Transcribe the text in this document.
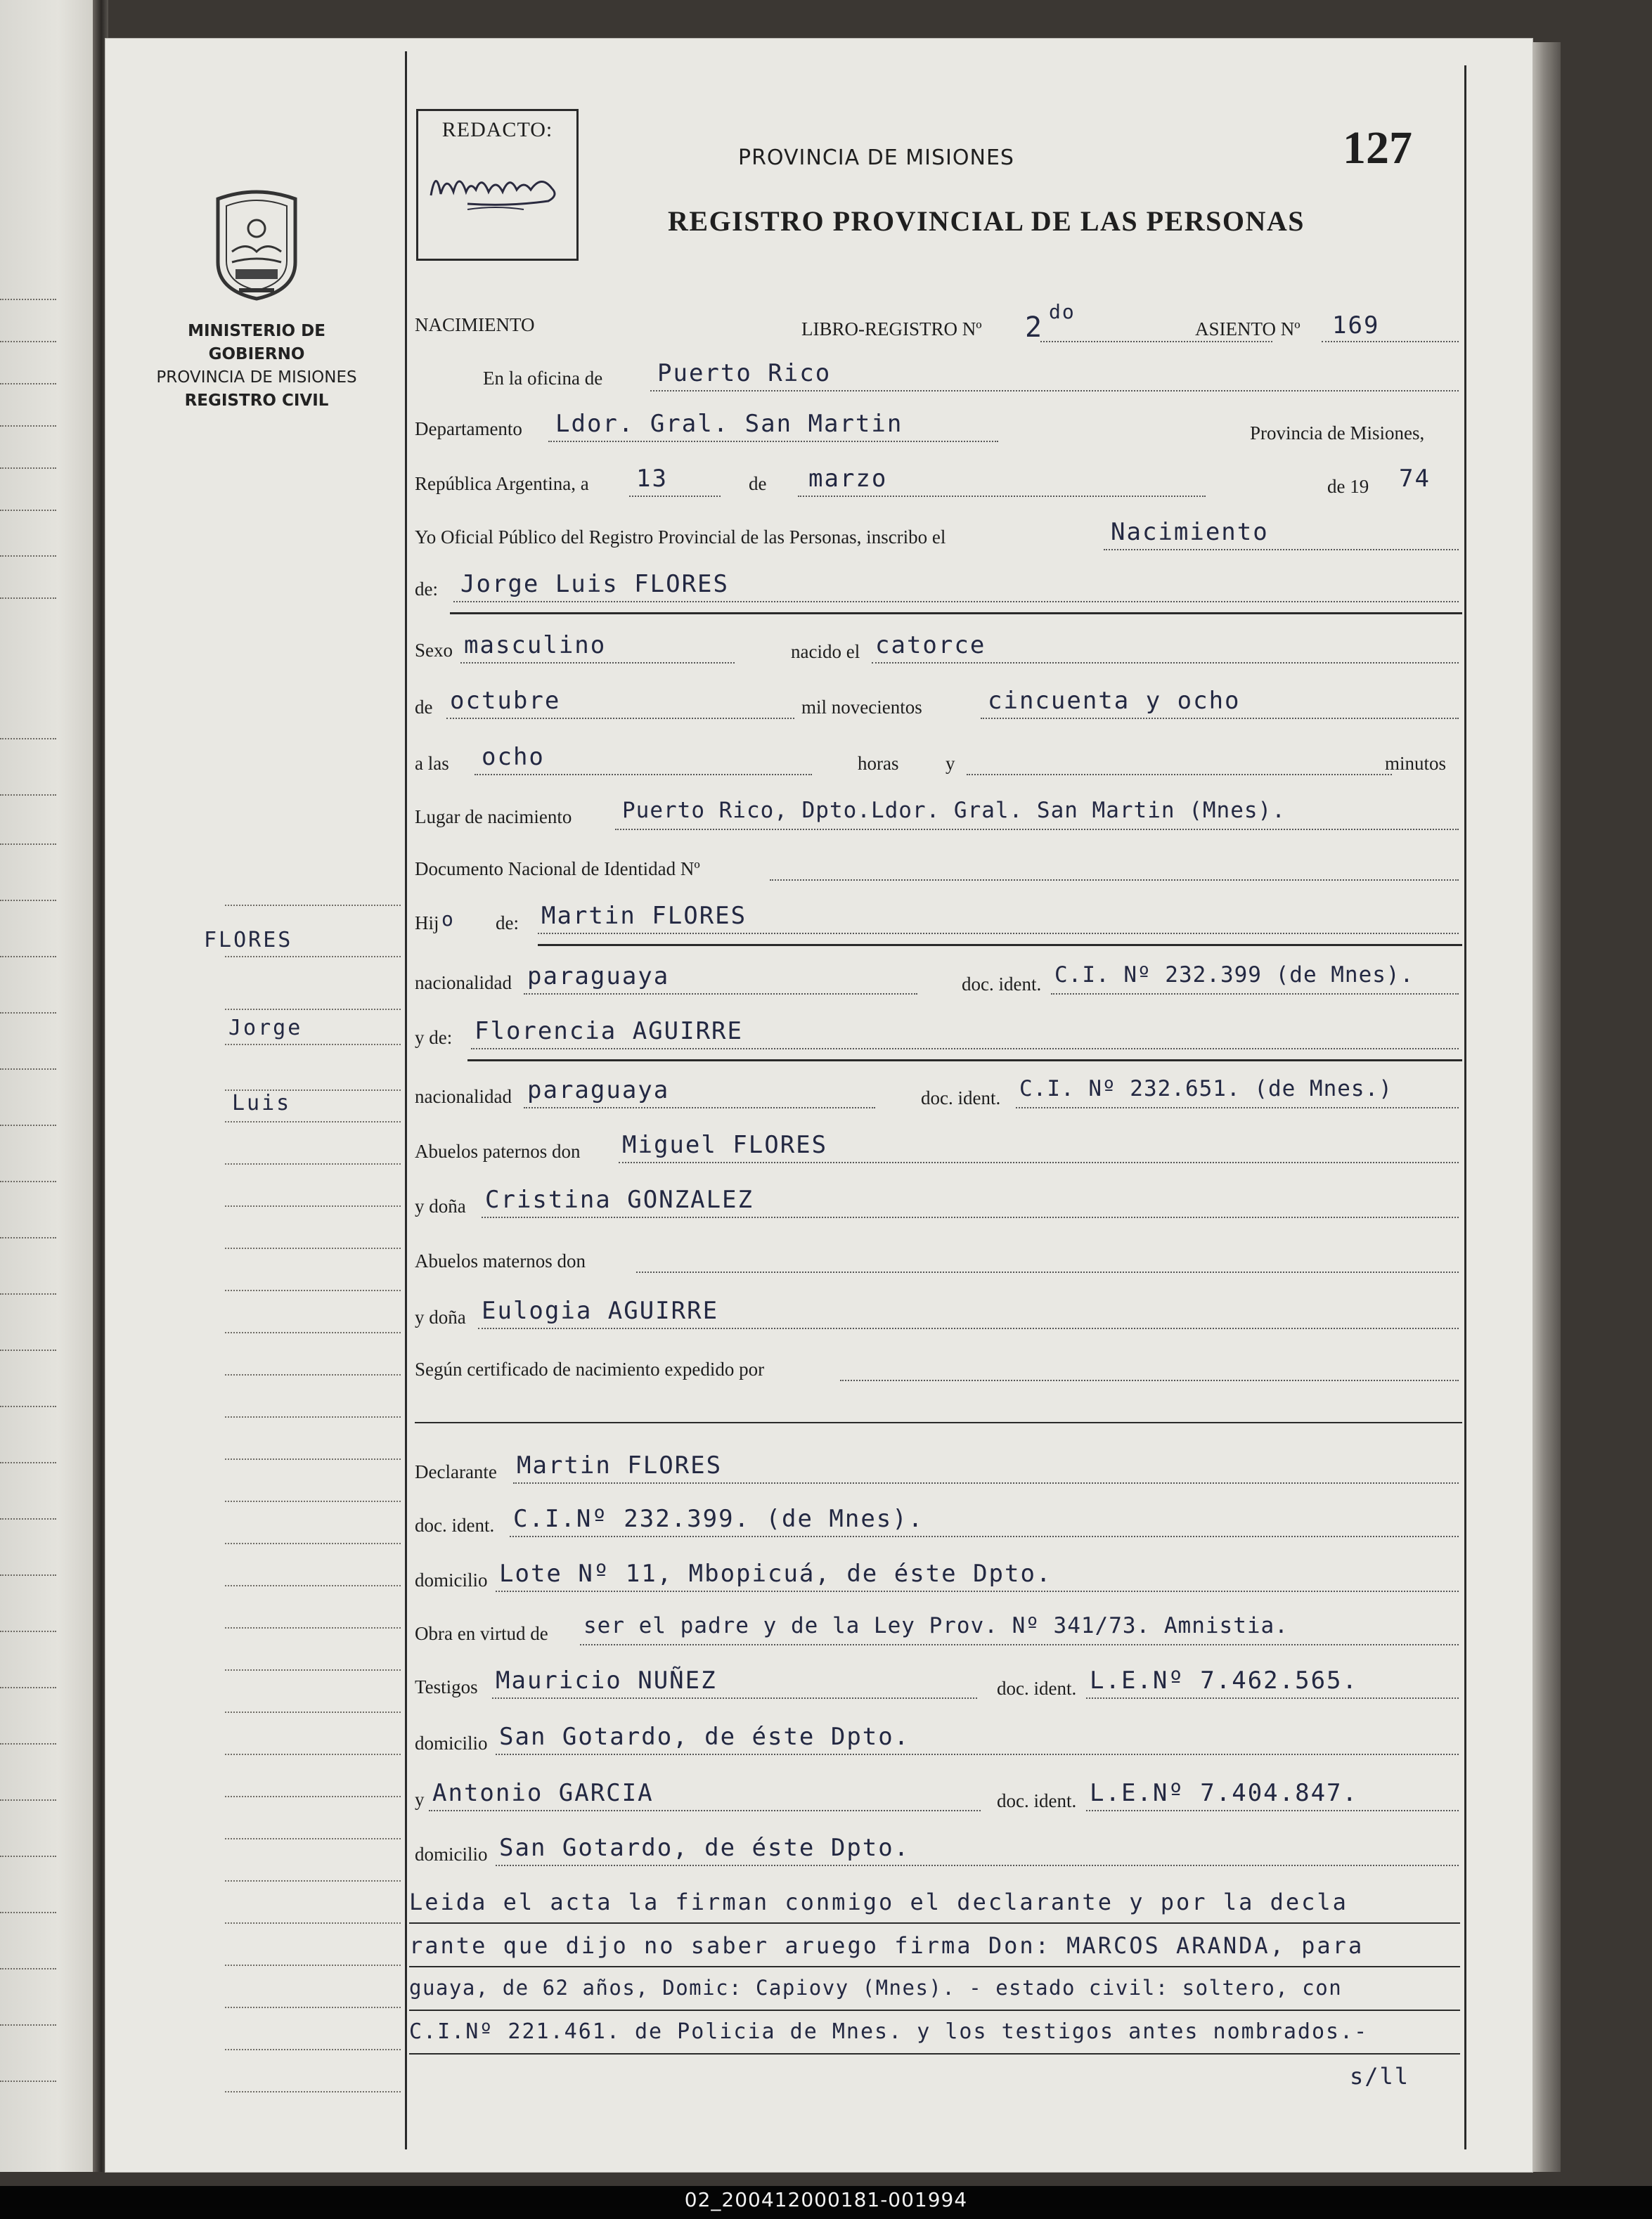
MINISTERIO DE GOBIERNO
PROVINCIA DE MISIONES
REGISTRO CIVIL
FLORES
Jorge
Luis
REDACTO:
PROVINCIA DE MISIONES
REGISTRO PROVINCIAL DE LAS PERSONAS
127
NACIMIENTO	LIBRO-REGISTRO Nº 2 do
ASIENTO Nº 169
En la oficina de Puerto Rico
Departamento Ldor. Gral. San Martin	Provincia de Misiones,
República Argentina, a 13	de marzo	de 19 74
Yo Oficial Público del Registro Provincial de las Personas, inscribo el	Nacimiento
de: Jorge Luis FLORES
Sexo masculino	nacido el catorce
de octubre	mil novecientos	cincuenta y ocho
a las ocho	horas y	minutos
Lugar de nacimiento Puerto Rico, Dpto.Ldor. Gral. San Martin (Mnes).
Documento Nacional de Identidad Nº
Hij o de: Martin FLORES
nacionalidad paraguaya	doc. ident. C.I. Nº 232.399 (de Mnes).
y de: Florencia AGUIRRE
nacionalidad paraguaya	doc. ident. C.I. Nº 232.651. (de Mnes.)
Abuelos paternos don Miguel FLORES
y doña Cristina GONZALEZ
Abuelos maternos don
y doña Eulogia AGUIRRE
Según certificado de nacimiento expedido por
Declarante Martin FLORES
doc. ident. C.I.Nº 232.399. (de Mnes).
domicilio Lote Nº 11, Mbopicuá, de éste Dpto.
Obra en virtud de ser el padre y de la Ley Prov. Nº 341/73. Amnistia.
Testigos Mauricio NUÑEZ	doc. ident. L.E.Nº 7.462.565.
domicilio San Gotardo, de éste Dpto.
y Antonio GARCIA	doc. ident. L.E.Nº 7.404.847.
domicilio San Gotardo, de éste Dpto.
Leida el acta la firman conmigo el declarante y por la decla
rante que dijo no saber aruego firma Don: MARCOS ARANDA, para
guaya, de 62 años, Domic: Capiovy (Mnes). - estado civil: soltero, con
C.I.Nº 221.461. de Policia de Mnes. y los testigos antes nombrados.-
s/ll
02_200412000181-001994
